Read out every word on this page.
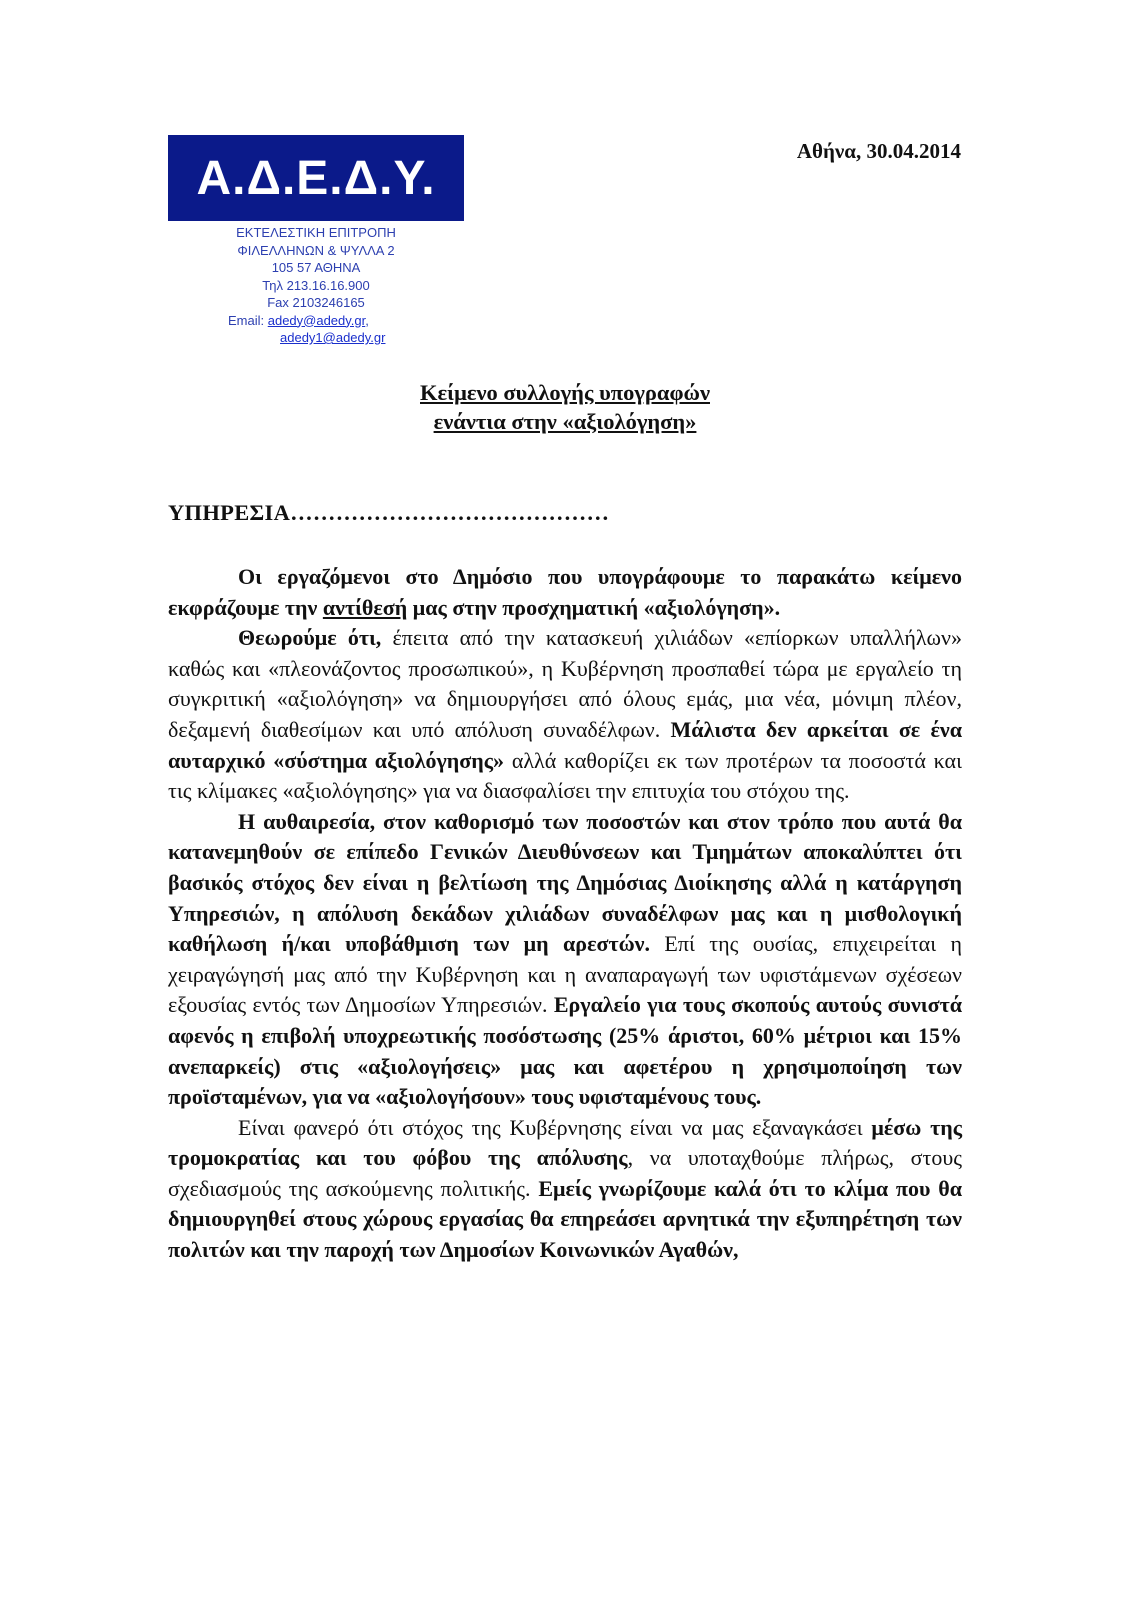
Α.Δ.Ε.Δ.Υ.
ΕΚΤΕΛΕΣΤΙΚΗ ΕΠΙΤΡΟΠΗ
ΦΙΛΕΛΛΗΝΩΝ & ΨΥΛΛΑ 2
105 57 ΑΘΗΝΑ
Τηλ 213.16.16.900
Fax 2103246165
Email: adedy@adedy.gr,
adedy1@adedy.gr
Αθήνα, 30.04.2014
Κείμενο συλλογής υπογραφών
ενάντια στην «αξιολόγηση»
ΥΠΗΡΕΣΙΑ……………………………………

Οι εργαζόμενοι στο Δημόσιο που υπογράφουμε το παρακάτω κείμενο εκφράζουμε την αντίθεσή μας στην προσχηματική «αξιολόγηση».

Θεωρούμε ότι, έπειτα από την κατασκευή χιλιάδων «επίορκων υπαλλήλων» καθώς και «πλεονάζοντος προσωπικού», η Κυβέρνηση προσπαθεί τώρα με εργαλείο τη συγκριτική «αξιολόγηση» να δημιουργήσει από όλους εμάς, μια νέα, μόνιμη πλέον, δεξαμενή διαθεσίμων και υπό απόλυση συναδέλφων. Μάλιστα δεν αρκείται σε ένα αυταρχικό «σύστημα αξιολόγησης» αλλά καθορίζει εκ των προτέρων τα ποσοστά και τις κλίμακες «αξιολόγησης» για να διασφαλίσει την επιτυχία του στόχου της.

Η αυθαιρεσία, στον καθορισμό των ποσοστών και στον τρόπο που αυτά θα κατανεμηθούν σε επίπεδο Γενικών Διευθύνσεων και Τμημάτων αποκαλύπτει ότι βασικός στόχος δεν είναι η βελτίωση της Δημόσιας Διοίκησης αλλά η κατάργηση Υπηρεσιών, η απόλυση δεκάδων χιλιάδων συναδέλφων μας και η μισθολογική καθήλωση ή/και υποβάθμιση των μη αρεστών. Επί της ουσίας, επιχειρείται η χειραγώγησή μας από την Κυβέρνηση και η αναπαραγωγή των υφιστάμενων σχέσεων εξουσίας εντός των Δημοσίων Υπηρεσιών. Εργαλείο για τους σκοπούς αυτούς συνιστά αφενός η επιβολή υποχρεωτικής ποσόστωσης (25% άριστοι, 60% μέτριοι και 15% ανεπαρκείς) στις «αξιολογήσεις» μας και αφετέρου η χρησιμοποίηση των προϊσταμένων, για να «αξιολογήσουν» τους υφισταμένους τους.

Είναι φανερό ότι στόχος της Κυβέρνησης είναι να μας εξαναγκάσει μέσω της τρομοκρατίας και του φόβου της απόλυσης, να υποταχθούμε πλήρως, στους σχεδιασμούς της ασκούμενης πολιτικής. Εμείς γνωρίζουμε καλά ότι το κλίμα που θα δημιουργηθεί στους χώρους εργασίας θα επηρεάσει αρνητικά την εξυπηρέτηση των πολιτών και την παροχή των Δημοσίων Κοινωνικών Αγαθών,
